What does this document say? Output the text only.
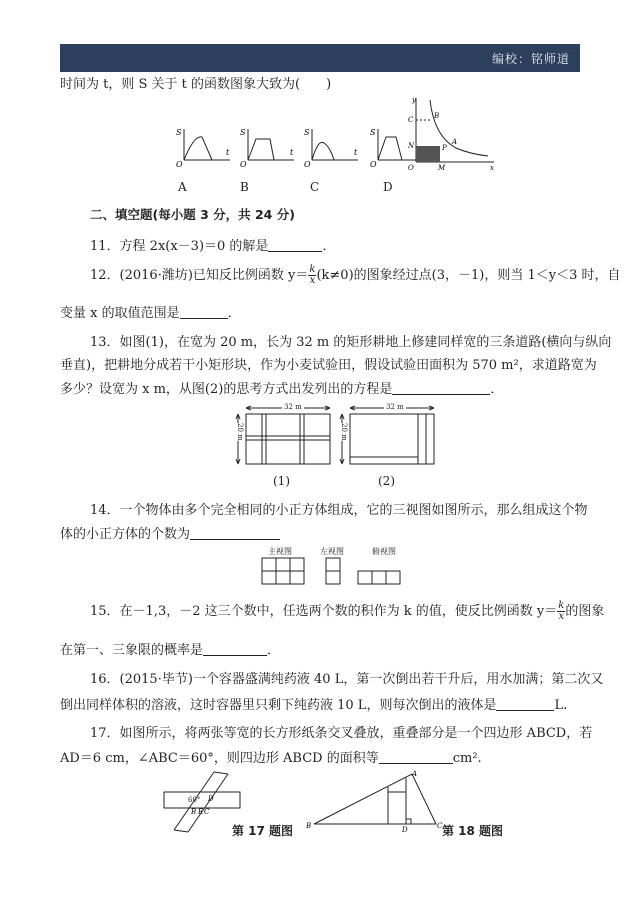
编校：铭师道
时间为 t，则 S 关于 t 的函数图象大致为(　　)
S
O
t
S
O
t
S
O
t
S
O
C	B
A
N	P
O	M	x
y
A	B	C	D
二、填空题(每小题 3 分，共 24 分)
11．方程 2x(x－3)＝0 的解是	．
12．(2016·潍坊)已知反比例函数 $y= \frac{k}{x} (k\ne 0)$的图象经过点(3，－1)，则当 1＜y＜3 时，自
变量 x 的取值范围是	．
13．如图(1)，在宽为 20 m，长为 32 m 的矩形耕地上修建同样宽的三条道路(横向与纵向
垂直)，把耕地分成若干小矩形块，作为小麦试验田，假设试验田面积为 570 m²，求道路宽为
多少？设宽为 x m，从图(2)的思考方式出发列出的方程是	．
32 m
20 m
32 m
20 m
(1)	(2)
14．一个物体由多个完全相同的小正方体组成，它的三视图如图所示，那么组成这个物
体的小正方体的个数为
主视图	左视图	俯视图
15．在－1,3，－2 这三个数中，任选两个数的积作为 k 的值，使反比例函数 $y= \frac{k}{x}$ 的图象
在第一、三象限的概率是	．
16．(2015·毕节)一个容器盛满纯药液 40 L，第一次倒出若干升后，用水加满；第二次又
倒出同样体积的溶液，这时容器里只剩下纯药液 10 L，则每次倒出的液体是	L.
17．如图所示，将两张等宽的长方形纸条交叉叠放，重叠部分是一个四边形 ABCD，若
AD＝6 cm，∠ABC＝60°，则四边形 ABCD 的面积等	cm².
B E C
D
60°
A
B	D	C
第 17 题图	第 18 题图
